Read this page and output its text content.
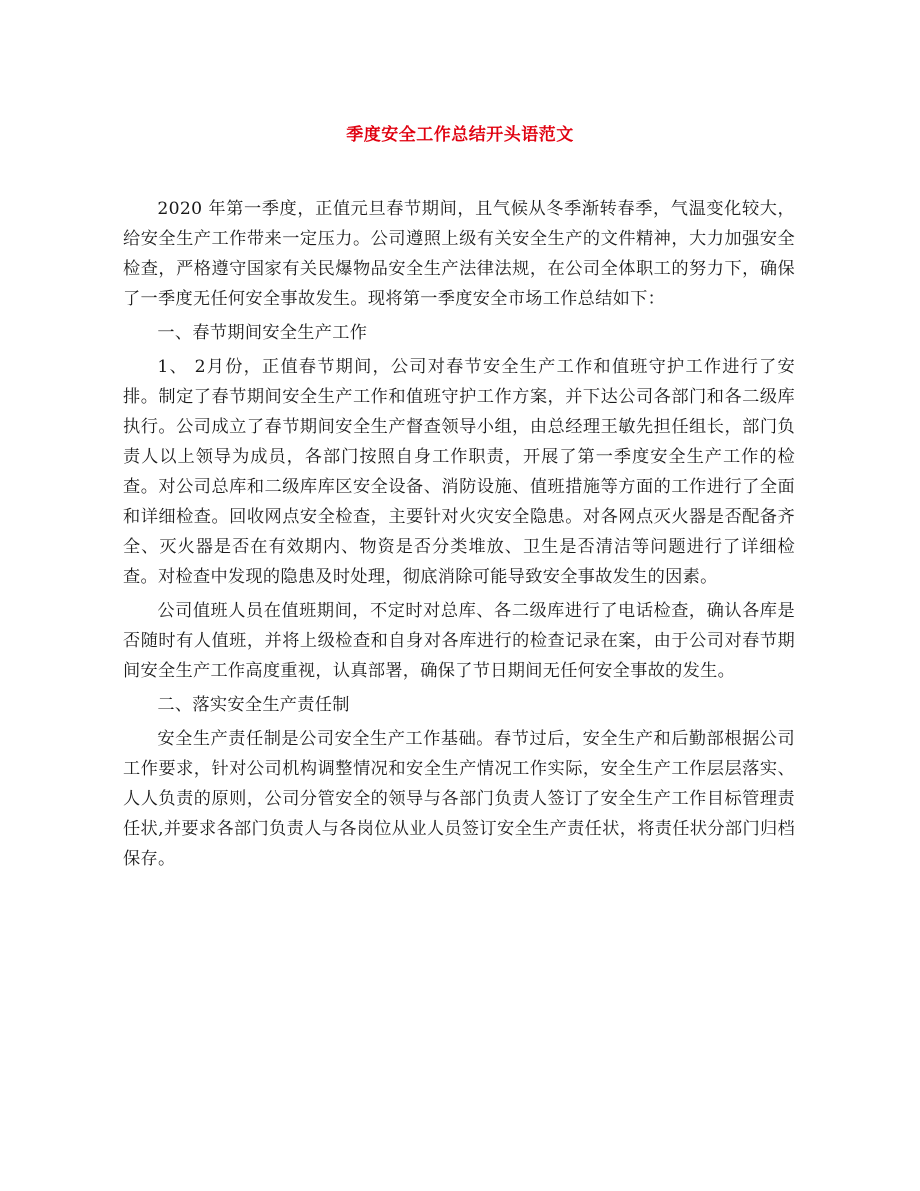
季度安全工作总结开头语范文

2020 年第一季度，正值元旦春节期间，且气候从冬季渐转春季，气温变化较大，给安全生产工作带来一定压力。公司遵照上级有关安全生产的文件精神，大力加强安全检查，严格遵守国家有关民爆物品安全生产法律法规，在公司全体职工的努力下，确保了一季度无任何安全事故发生。现将第一季度安全市场工作总结如下：

一、春节期间安全生产工作

1、 2月份，正值春节期间，公司对春节安全生产工作和值班守护工作进行了安排。制定了春节期间安全生产工作和值班守护工作方案，并下达公司各部门和各二级库执行。公司成立了春节期间安全生产督查领导小组，由总经理王敏先担任组长，部门负责人以上领导为成员，各部门按照自身工作职责，开展了第一季度安全生产工作的检查。对公司总库和二级库库区安全设备、消防设施、值班措施等方面的工作进行了全面和详细检查。回收网点安全检查，主要针对火灾安全隐患。对各网点灭火器是否配备齐全、灭火器是否在有效期内、物资是否分类堆放、卫生是否清洁等问题进行了详细检查。对检查中发现的隐患及时处理，彻底消除可能导致安全事故发生的因素。

公司值班人员在值班期间，不定时对总库、各二级库进行了电话检查，确认各库是否随时有人值班，并将上级检查和自身对各库进行的检查记录在案，由于公司对春节期间安全生产工作高度重视，认真部署，确保了节日期间无任何安全事故的发生。

二、落实安全生产责任制

安全生产责任制是公司安全生产工作基础。春节过后，安全生产和后勤部根据公司工作要求，针对公司机构调整情况和安全生产情况工作实际，安全生产工作层层落实、人人负责的原则，公司分管安全的领导与各部门负责人签订了安全生产工作目标管理责任状,并要求各部门负责人与各岗位从业人员签订安全生产责任状，将责任状分部门归档保存。
